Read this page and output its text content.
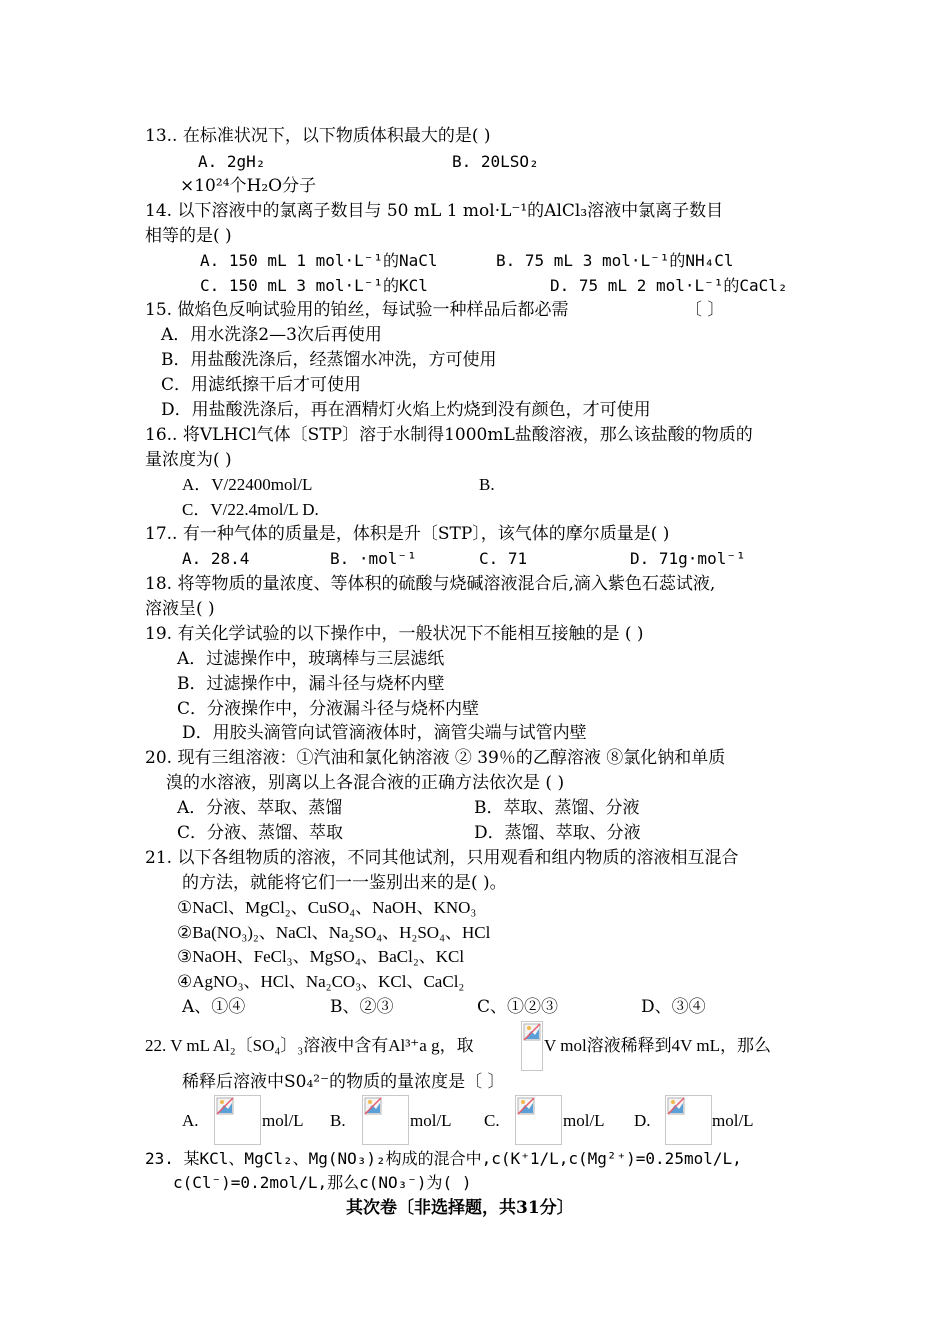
13.. 在标准状况下，以下物质体积最大的是( )
A. 2gH₂	B. 20LSO₂
×10²⁴个H₂O分子
14. 以下溶液中的氯离子数目与 50 mL 1 mol·L⁻¹的AlCl₃溶液中氯离子数目
相等的是( )
A. 150 mL 1 mol·L⁻¹的NaCl	B. 75 mL 3 mol·L⁻¹的NH₄Cl
C. 150 mL 3 mol·L⁻¹的KCl	D. 75 mL 2 mol·L⁻¹的CaCl₂
15. 做焰色反响试验用的铂丝，每试验一种样品后都必需	〔 〕
A．用水洗涤2—3次后再使用
B．用盐酸洗涤后，经蒸馏水冲洗，方可使用
C．用滤纸擦干后才可使用
D．用盐酸洗涤后，再在酒精灯火焰上灼烧到没有颜色，才可使用
16.. 将VLHCl气体〔STP〕溶于水制得1000mL盐酸溶液，那么该盐酸的物质的
量浓度为( )
A．V/22400mol/L	B.
C．V/22.4mol/L D.
17.. 有一种气体的质量是，体积是升〔STP〕，该气体的摩尔质量是( )
A. 28.4	B. ·mol⁻¹	C. 71	D. 71g·mol⁻¹
18. 将等物质的量浓度、等体积的硫酸与烧碱溶液混合后,滴入紫色石蕊试液,
溶液呈( )
19. 有关化学试验的以下操作中，一般状况下不能相互接触的是 ( )
A．过滤操作中，玻璃棒与三层滤纸
B．过滤操作中，漏斗径与烧杯内壁
C．分液操作中，分液漏斗径与烧杯内壁
D．用胶头滴管向试管滴液体时，滴管尖端与试管内壁
20. 现有三组溶液：①汽油和氯化钠溶液 ② 39％的乙醇溶液 ⑧氯化钠和单质
溴的水溶液，别离以上各混合液的正确方法依次是 ( )
A．分液、萃取、蒸馏	B．萃取、蒸馏、分液
C．分液、蒸馏、萃取	D．蒸馏、萃取、分液
21. 以下各组物质的溶液，不同其他试剂，只用观看和组内物质的溶液相互混合
的方法，就能将它们一一鉴别出来的是( )。
①NaCl、MgCl₂、CuSO₄、NaOH、KNO₃
②Ba(NO₃)₂、NaCl、Na₂SO₄、H₂SO₄、HCl
③NaOH、FeCl₃、MgSO₄、BaCl₂、KCl
④AgNO₃、HCl、Na₂CO₃、KCl、CaCl₂
A、①④	B、②③	C、①②③	D、③④
22. V mL Al₂〔SO₄〕₃溶液中含有Al³⁺a g，取	V mol溶液稀释到4V mL，那么
稀释后溶液中S0₄²⁻的物质的量浓度是〔 〕
A.	mol/L B.	mol/L C.	mol/L D.	mol/L
23. 某KCl、MgCl₂、Mg(NO₃)₂构成的混合中,c(K⁺1/L,c(Mg²⁺)=0.25mol/L,
c(Cl⁻)=0.2mol/L,那么c(NO₃⁻)为( )
其次卷〔非选择题，共31分〕
